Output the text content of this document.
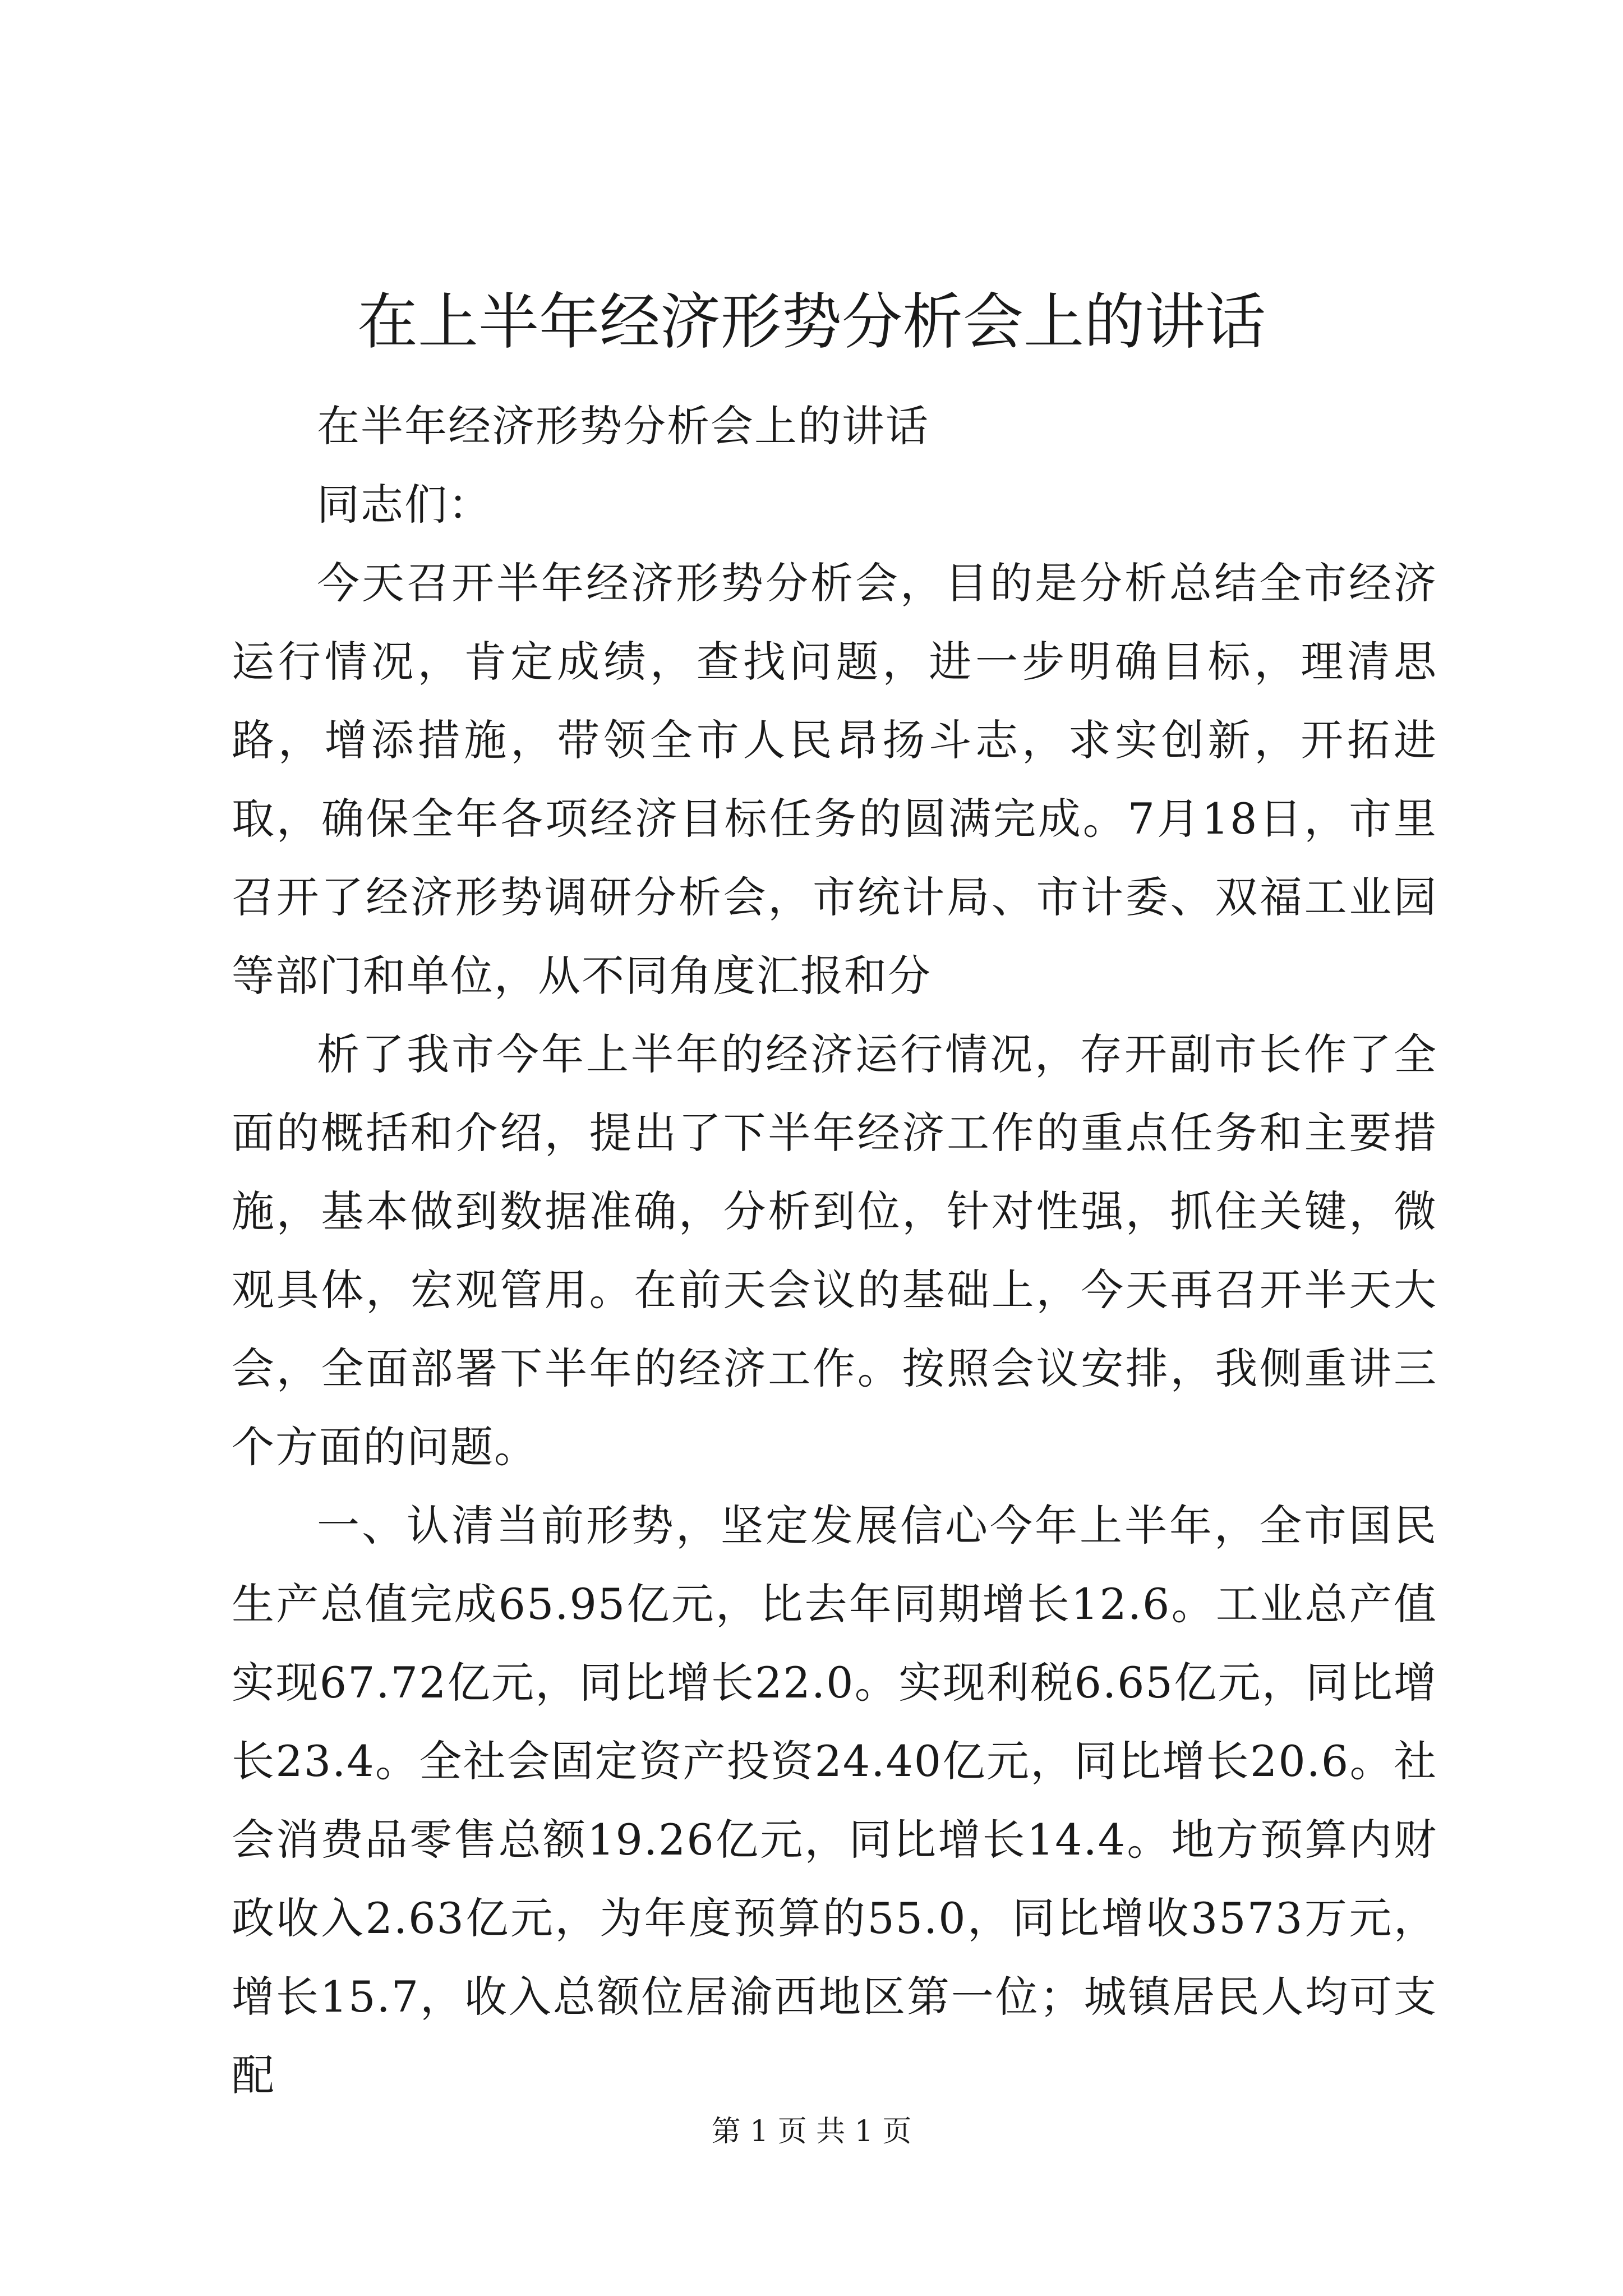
在上半年经济形势分析会上的讲话

在半年经济形势分析会上的讲话

同志们：

今天召开半年经济形势分析会，目的是分析总结全市经济运行情况，肯定成绩，查找问题，进一步明确目标，理清思路，增添措施，带领全市人民昂扬斗志，求实创新，开拓进取，确保全年各项经济目标任务的圆满完成。7月18日，市里召开了经济形势调研分析会，市统计局、市计委、双福工业园等部门和单位，从不同角度汇报和分

析了我市今年上半年的经济运行情况，存开副市长作了全面的概括和介绍，提出了下半年经济工作的重点任务和主要措施，基本做到数据准确，分析到位，针对性强，抓住关键，微观具体，宏观管用。在前天会议的基础上，今天再召开半天大会，全面部署下半年的经济工作。按照会议安排，我侧重讲三个方面的问题。

一、认清当前形势，坚定发展信心今年上半年，全市国民生产总值完成65.95亿元，比去年同期增长12.6。工业总产值实现67.72亿元，同比增长22.0。实现利税6.65亿元，同比增长23.4。全社会固定资产投资24.40亿元，同比增长20.6。社会消费品零售总额19.26亿元，同比增长14.4。地方预算内财政收入2.63亿元，为年度预算的55.0，同比增收3573万元，增长15.7，收入总额位居渝西地区第一位；城镇居民人均可支配

第 1 页 共 1 页
